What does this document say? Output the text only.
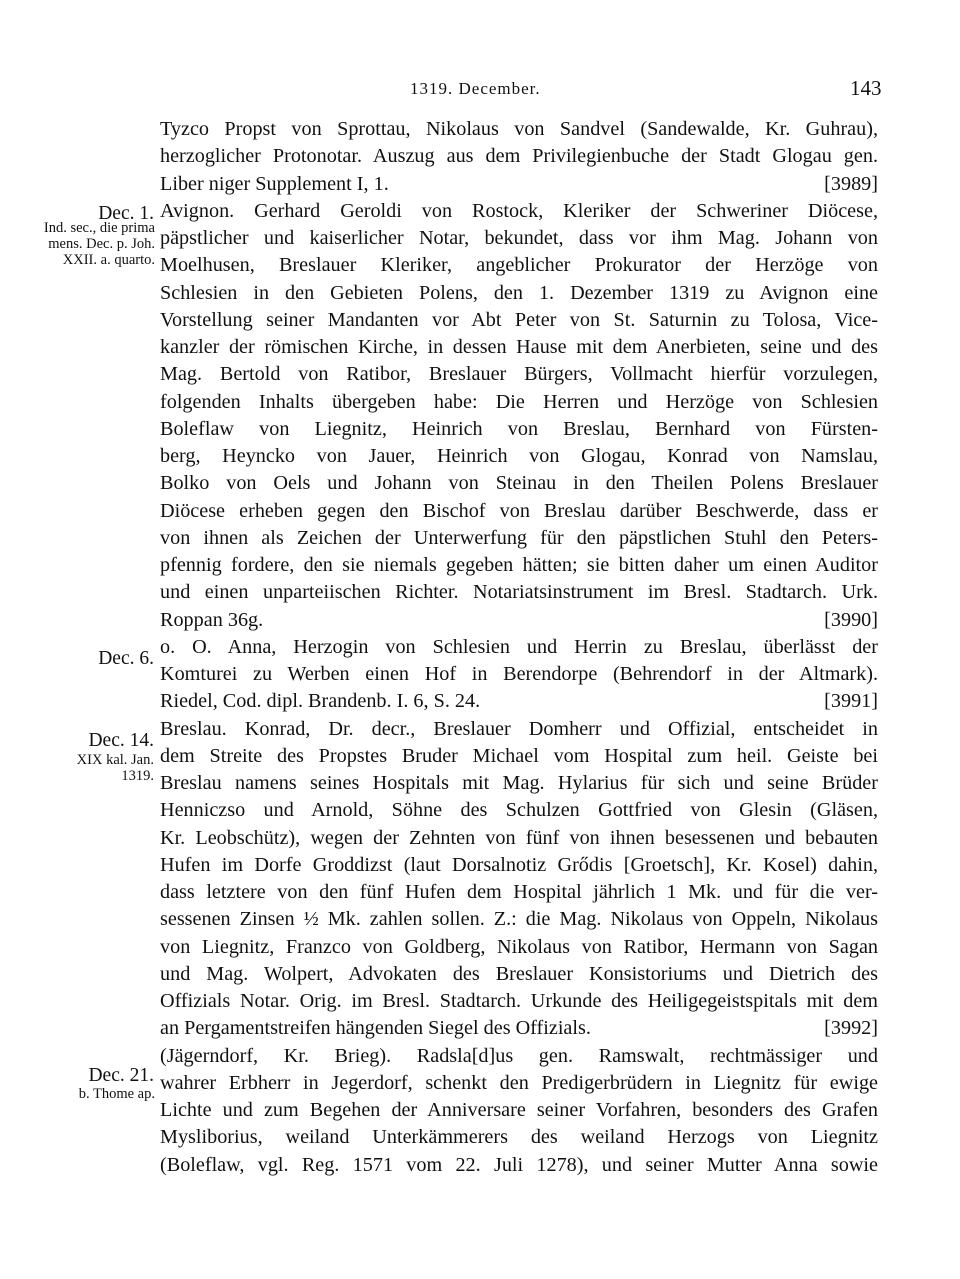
1319. December.	143
Dec. 1.
Ind. sec., die prima mens. Dec. p. Joh. XXII. a. quarto.
Dec. 6.
Dec. 14.
XIX kal. Jan. 1319.
Dec. 21.
b. Thome ap.
Tyzco Propst von Sprottau, Nikolaus von Sandvel (Sandewalde, Kr. Guhrau),
herzoglicher Protonotar. Auszug aus dem Privilegienbuche der Stadt Glogau gen.
Liber niger Supplement I, 1.	[3989]
Avignon. Gerhard Geroldi von Rostock, Kleriker der Schweriner Diöcese,
päpstlicher und kaiserlicher Notar, bekundet, dass vor ihm Mag. Johann von
Moelhusen, Breslauer Kleriker, angeblicher Prokurator der Herzöge von
Schlesien in den Gebieten Polens, den 1. Dezember 1319 zu Avignon eine
Vorstellung seiner Mandanten vor Abt Peter von St. Saturnin zu Tolosa, Vice-
kanzler der römischen Kirche, in dessen Hause mit dem Anerbieten, seine und des
Mag. Bertold von Ratibor, Breslauer Bürgers, Vollmacht hierfür vorzulegen,
folgenden Inhalts übergeben habe: Die Herren und Herzöge von Schlesien
Boleflaw von Liegnitz, Heinrich von Breslau, Bernhard von Fürsten-
berg, Heyncko von Jauer, Heinrich von Glogau, Konrad von Namslau,
Bolko von Oels und Johann von Steinau in den Theilen Polens Breslauer
Diöcese erheben gegen den Bischof von Breslau darüber Beschwerde, dass er
von ihnen als Zeichen der Unterwerfung für den päpstlichen Stuhl den Peters-
pfennig fordere, den sie niemals gegeben hätten; sie bitten daher um einen Auditor
und einen unparteiischen Richter. Notariatsinstrument im Bresl. Stadtarch. Urk.
Roppan 36g.	[3990]
o. O. Anna, Herzogin von Schlesien und Herrin zu Breslau, überlässt der
Komturei zu Werben einen Hof in Berendorpe (Behrendorf in der Altmark).
Riedel, Cod. dipl. Brandenb. I. 6, S. 24.	[3991]
Breslau. Konrad, Dr. decr., Breslauer Domherr und Offizial, entscheidet in
dem Streite des Propstes Bruder Michael vom Hospital zum heil. Geiste bei
Breslau namens seines Hospitals mit Mag. Hylarius für sich und seine Brüder
Henniczso und Arnold, Söhne des Schulzen Gottfried von Glesin (Gläsen,
Kr. Leobschütz), wegen der Zehnten von fünf von ihnen besessenen und bebauten
Hufen im Dorfe Groddizst (laut Dorsalnotiz Grődis [Groetsch], Kr. Kosel) dahin,
dass letztere von den fünf Hufen dem Hospital jährlich 1 Mk. und für die ver-
sessenen Zinsen ½ Mk. zahlen sollen. Z.: die Mag. Nikolaus von Oppeln, Nikolaus
von Liegnitz, Franzco von Goldberg, Nikolaus von Ratibor, Hermann von Sagan
und Mag. Wolpert, Advokaten des Breslauer Konsistoriums und Dietrich des
Offizials Notar. Orig. im Bresl. Stadtarch. Urkunde des Heiligegeistspitals mit dem
an Pergamentstreifen hängenden Siegel des Offizials.	[3992]
(Jägerndorf, Kr. Brieg). Radsla[d]us gen. Ramswalt, rechtmässiger und
wahrer Erbherr in Jegerdorf, schenkt den Predigerbrüdern in Liegnitz für ewige
Lichte und zum Begehen der Anniversare seiner Vorfahren, besonders des Grafen
Mysliborius, weiland Unterkämmerers des weiland Herzogs von Liegnitz
(Boleflaw, vgl. Reg. 1571 vom 22. Juli 1278), und seiner Mutter Anna sowie
